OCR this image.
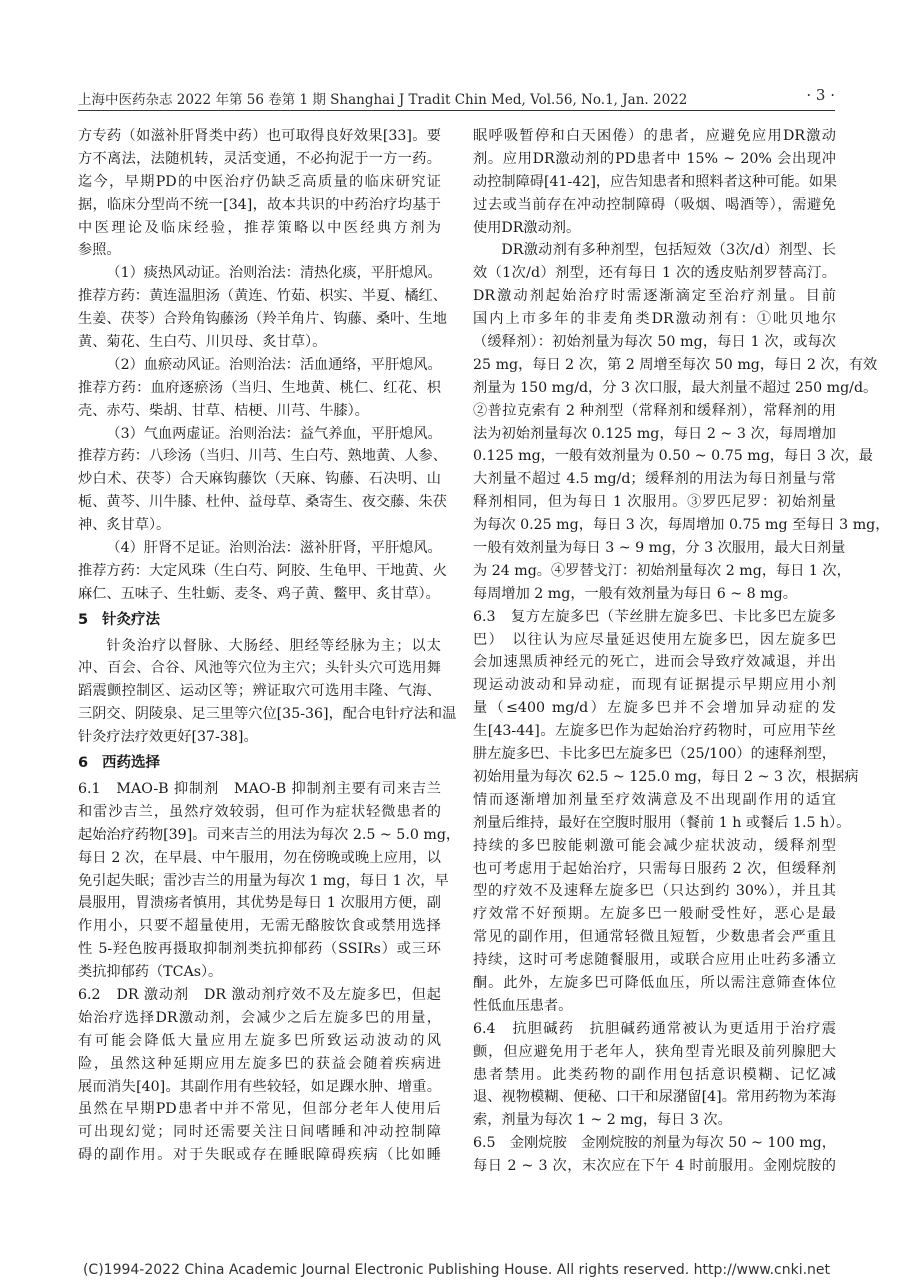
上海中医药杂志 2022 年第 56 卷第 1 期 Shanghai J Tradit Chin Med, Vol.56, No.1, Jan. 2022	· 3 ·
方专药（如滋补肝肾类中药）也可取得良好效果[33]。要
方不离法，法随机转，灵活变通，不必拘泥于一方一药。
迄今，早期PD的中医治疗仍缺乏高质量的临床研究证
据，临床分型尚不统一[34]，故本共识的中药治疗均基于
中医理论及临床经验，推荐策略以中医经典方剂为
参照。
（1）痰热风动证。治则治法：清热化痰，平肝熄风。
推荐方药：黄连温胆汤（黄连、竹茹、枳实、半夏、橘红、
生姜、茯苓）合羚角钩藤汤（羚羊角片、钩藤、桑叶、生地
黄、菊花、生白芍、川贝母、炙甘草）。
（2）血瘀动风证。治则治法：活血通络，平肝熄风。
推荐方药：血府逐瘀汤（当归、生地黄、桃仁、红花、枳
壳、赤芍、柴胡、甘草、桔梗、川芎、牛膝）。
（3）气血两虚证。治则治法：益气养血，平肝熄风。
推荐方药：八珍汤（当归、川芎、生白芍、熟地黄、人参、
炒白术、茯苓）合天麻钩藤饮（天麻、钩藤、石决明、山
栀、黄芩、川牛膝、杜仲、益母草、桑寄生、夜交藤、朱茯
神、炙甘草）。
（4）肝肾不足证。治则治法：滋补肝肾，平肝熄风。
推荐方药：大定风珠（生白芍、阿胶、生龟甲、干地黄、火
麻仁、五味子、生牡蛎、麦冬、鸡子黄、鳖甲、炙甘草）。
5 针灸疗法
针灸治疗以督脉、大肠经、胆经等经脉为主；以太
冲、百会、合谷、风池等穴位为主穴；头针头穴可选用舞
蹈震颤控制区、运动区等；辨证取穴可选用丰隆、气海、
三阴交、阴陵泉、足三里等穴位[35-36]，配合电针疗法和温
针灸疗法疗效更好[37-38]。
6 西药选择
6.1　MAO-B 抑制剂　MAO-B 抑制剂主要有司来吉兰
和雷沙吉兰，虽然疗效较弱，但可作为症状轻微患者的
起始治疗药物[39]。司来吉兰的用法为每次 2.5 ~ 5.0 mg，
每日 2 次，在早晨、中午服用，勿在傍晚或晚上应用，以
免引起失眠；雷沙吉兰的用量为每次 1 mg，每日 1 次，早
晨服用，胃溃疡者慎用，其优势是每日 1 次服用方便，副
作用小，只要不超量使用，无需无酪胺饮食或禁用选择
性 5-羟色胺再摄取抑制剂类抗抑郁药（SSIRs）或三环
类抗抑郁药（TCAs）。
6.2　DR 激动剂　DR 激动剂疗效不及左旋多巴，但起
始治疗选择DR激动剂，会减少之后左旋多巴的用量，
有可能会降低大量应用左旋多巴所致运动波动的风
险，虽然这种延期应用左旋多巴的获益会随着疾病进
展而消失[40]。其副作用有些较轻，如足踝水肿、增重。
虽然在早期PD患者中并不常见，但部分老年人使用后
可出现幻觉；同时还需要关注日间嗜睡和冲动控制障
碍的副作用。对于失眠或存在睡眠障碍疾病（比如睡
眠呼吸暂停和白天困倦）的患者，应避免应用DR激动
剂。应用DR激动剂的PD患者中 15% ~ 20% 会出现冲
动控制障碍[41-42]，应告知患者和照料者这种可能。如果
过去或当前存在冲动控制障碍（吸烟、喝酒等），需避免
使用DR激动剂。
DR激动剂有多种剂型，包括短效（3次/d）剂型、长
效（1次/d）剂型，还有每日 1 次的透皮贴剂罗替高汀。
DR激动剂起始治疗时需逐渐滴定至治疗剂量。目前
国内上市多年的非麦角类DR激动剂有：①吡贝地尔
（缓释剂）：初始剂量为每次 50 mg，每日 1 次，或每次
25 mg，每日 2 次，第 2 周增至每次 50 mg，每日 2 次，有效
剂量为 150 mg/d，分 3 次口服，最大剂量不超过 250 mg/d。
②普拉克索有 2 种剂型（常释剂和缓释剂），常释剂的用
法为初始剂量每次 0.125 mg，每日 2 ~ 3 次，每周增加
0.125 mg，一般有效剂量为 0.50 ~ 0.75 mg，每日 3 次，最
大剂量不超过 4.5 mg/d；缓释剂的用法为每日剂量与常
释剂相同，但为每日 1 次服用。③罗匹尼罗：初始剂量
为每次 0.25 mg，每日 3 次，每周增加 0.75 mg 至每日 3 mg，
一般有效剂量为每日 3 ~ 9 mg，分 3 次服用，最大日剂量
为 24 mg。④罗替戈汀：初始剂量每次 2 mg，每日 1 次，
每周增加 2 mg，一般有效剂量为每日 6 ~ 8 mg。
6.3　复方左旋多巴（苄丝肼左旋多巴、卡比多巴左旋多
巴）　以往认为应尽量延迟使用左旋多巴，因左旋多巴
会加速黑质神经元的死亡，进而会导致疗效减退，并出
现运动波动和异动症，而现有证据提示早期应用小剂
量（≤400 mg/d）左旋多巴并不会增加异动症的发
生[43-44]。左旋多巴作为起始治疗药物时，可应用苄丝
肼左旋多巴、卡比多巴左旋多巴（25/100）的速释剂型，
初始用量为每次 62.5 ~ 125.0 mg，每日 2 ~ 3 次，根据病
情而逐渐增加剂量至疗效满意及不出现副作用的适宜
剂量后维持，最好在空腹时服用（餐前 1 h 或餐后 1.5 h）。
持续的多巴胺能刺激可能会减少症状波动，缓释剂型
也可考虑用于起始治疗，只需每日服药 2 次，但缓释剂
型的疗效不及速释左旋多巴（只达到约 30%），并且其
疗效常不好预期。左旋多巴一般耐受性好，恶心是最
常见的副作用，但通常轻微且短暂，少数患者会严重且
持续，这时可考虑随餐服用，或联合应用止吐药多潘立
酮。此外，左旋多巴可降低血压，所以需注意筛查体位
性低血压患者。
6.4　抗胆碱药　抗胆碱药通常被认为更适用于治疗震
颤，但应避免用于老年人，狭角型青光眼及前列腺肥大
患者禁用。此类药物的副作用包括意识模糊、记忆减
退、视物模糊、便秘、口干和尿潴留[4]。常用药物为苯海
索，剂量为每次 1 ~ 2 mg，每日 3 次。
6.5　金刚烷胺　金刚烷胺的剂量为每次 50 ~ 100 mg，
每日 2 ~ 3 次，末次应在下午 4 时前服用。金刚烷胺的
(C)1994-2022 China Academic Journal Electronic Publishing House. All rights reserved. http://www.cnki.net
